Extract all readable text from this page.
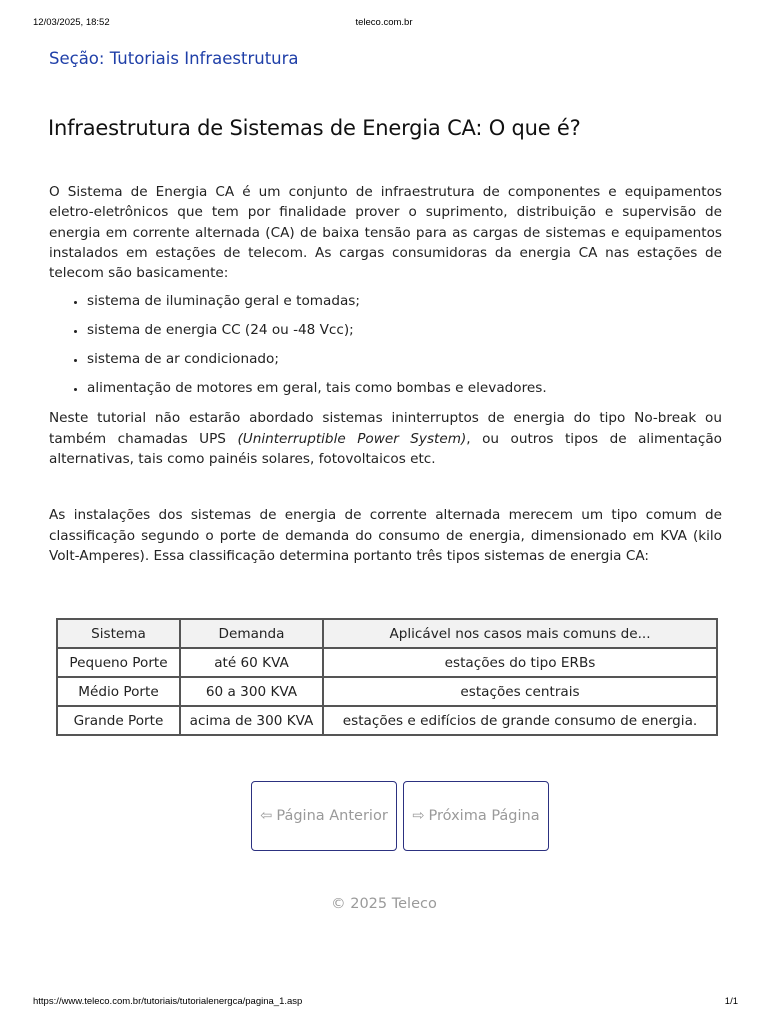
12/03/2025, 18:52	teleco.com.br
Seção: Tutoriais Infraestrutura
Infraestrutura de Sistemas de Energia CA: O que é?

O Sistema de Energia CA é um conjunto de infraestrutura de componentes e equipamentos eletro-eletrônicos que tem por finalidade prover o suprimento, distribuição e supervisão de energia em corrente alternada (CA) de baixa tensão para as cargas de sistemas e equipamentos instalados em estações de telecom. As cargas consumidoras da energia CA nas estações de telecom são basicamente:

• sistema de iluminação geral e tomadas;
• sistema de energia CC (24 ou -48 Vcc);
• sistema de ar condicionado;
• alimentação de motores em geral, tais como bombas e elevadores.

Neste tutorial não estarão abordado sistemas ininterruptos de energia do tipo No-break ou também chamadas UPS (Uninterruptible Power System), ou outros tipos de alimentação alternativas, tais como painéis solares, fotovoltaicos etc.

As instalações dos sistemas de energia de corrente alternada merecem um tipo comum de classificação segundo o porte de demanda do consumo de energia, dimensionado em KVA (kilo Volt-Amperes). Essa classificação determina portanto três tipos sistemas de energia CA:

Sistema	Demanda	Aplicável nos casos mais comuns de...
Pequeno Porte	até 60 KVA	estações do tipo ERBs
Médio Porte	60 a 300 KVA	estações centrais
Grande Porte	acima de 300 KVA	estações e edifícios de grande consumo de energia.
⇦ Página Anterior ⇨ Próxima Página
© 2025 Teleco
https://www.teleco.com.br/tutoriais/tutorialenergca/pagina_1.asp	1/1
